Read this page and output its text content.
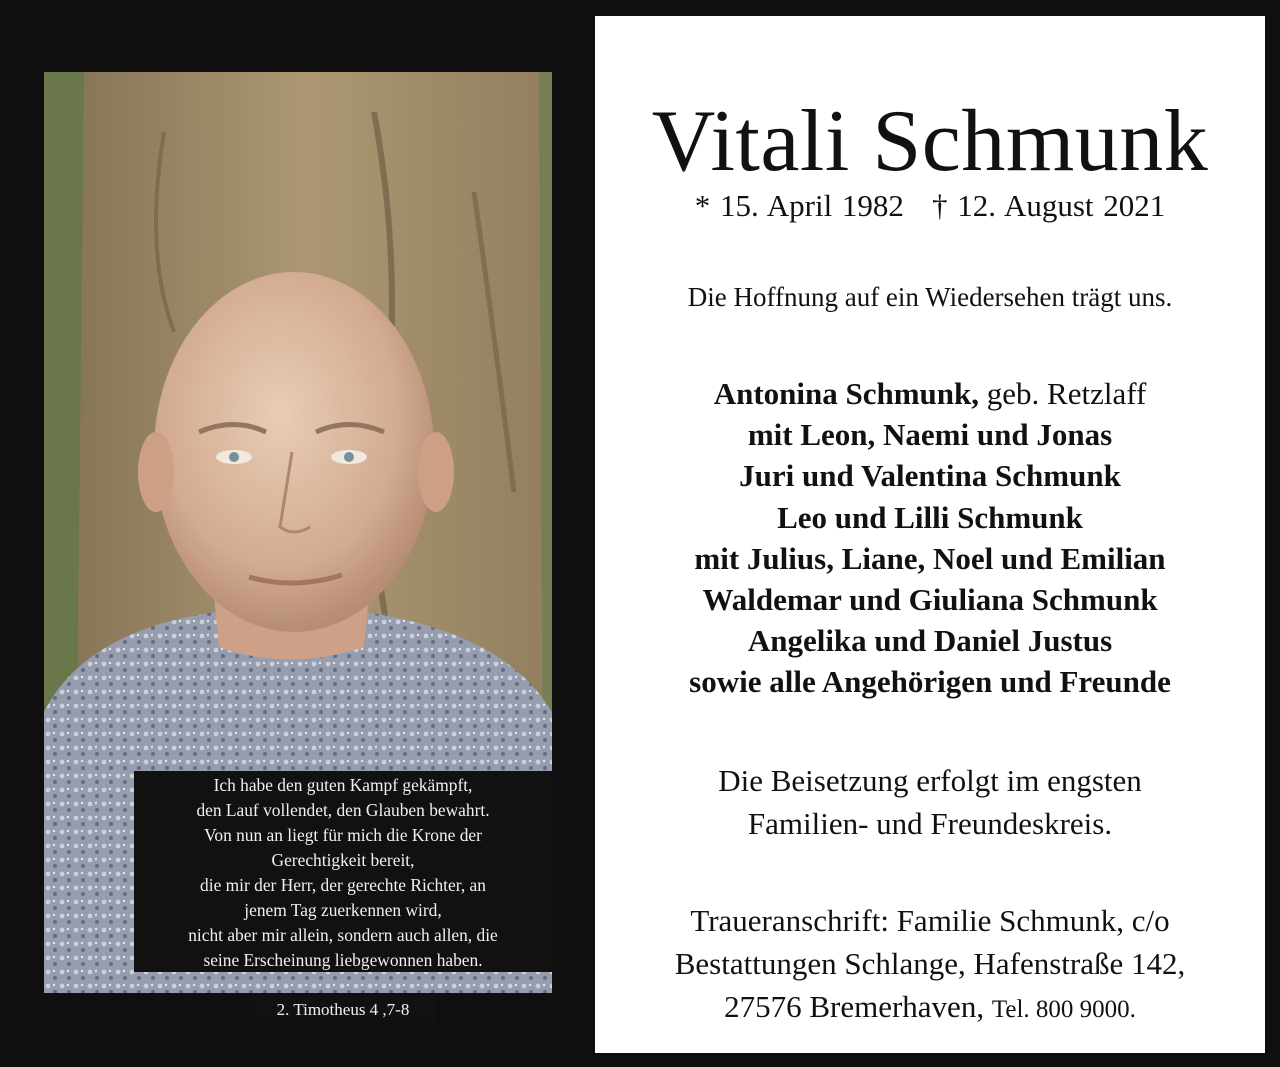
Ich habe den guten Kampf gekämpft,
den Lauf vollendet, den Glauben bewahrt.
Von nun an liegt für mich die Krone der
Gerechtigkeit bereit,
die mir der Herr, der gerechte Richter, an
jenem Tag zuerkennen wird,
nicht aber mir allein, sondern auch allen, die
seine Erscheinung liebgewonnen haben.
2. Timotheus 4 ,7-8
Vitali Schmunk
* 15. April 1982 † 12. August 2021
Die Hoffnung auf ein Wiedersehen trägt uns.
Antonina Schmunk, geb. Retzlaff
mit Leon, Naemi und Jonas
Juri und Valentina Schmunk
Leo und Lilli Schmunk
mit Julius, Liane, Noel und Emilian
Waldemar und Giuliana Schmunk
Angelika und Daniel Justus
sowie alle Angehörigen und Freunde
Die Beisetzung erfolgt im engsten
Familien- und Freundeskreis.
Traueranschrift: Familie Schmunk, c/o
Bestattungen Schlange, Hafenstraße 142,
27576 Bremerhaven, Tel. 800 9000.
